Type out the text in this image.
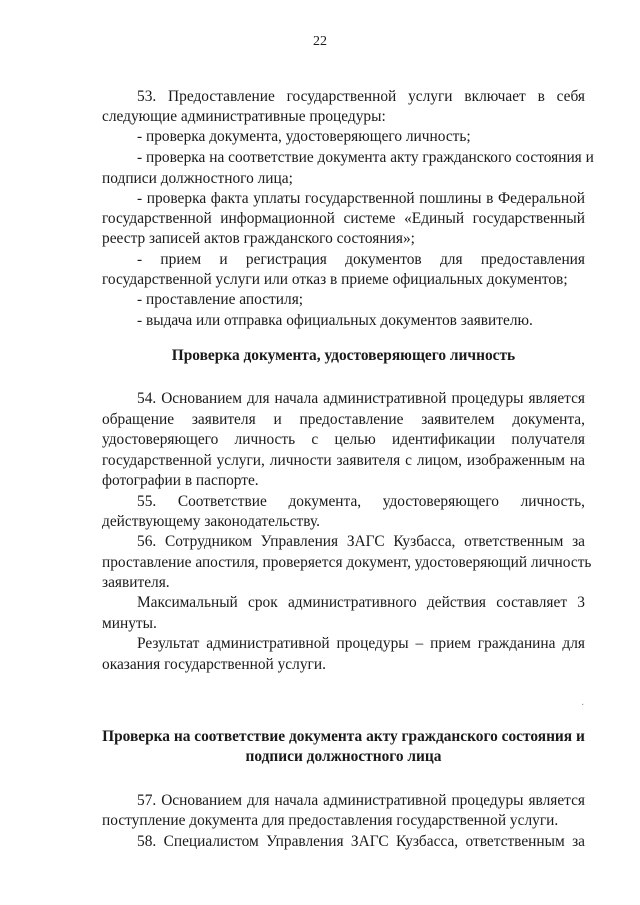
22
53. Предоставление государственной услуги включает в себя
следующие административные процедуры:
- проверка документа, удостоверяющего личность;
- проверка на соответствие документа акту гражданского состояния и
подписи должностного лица;
- проверка факта уплаты государственной пошлины в Федеральной
государственной информационной системе «Единый государственный
реестр записей актов гражданского состояния»;
- прием и регистрация документов для предоставления
государственной услуги или отказ в приеме официальных документов;
- проставление апостиля;
- выдача или отправка официальных документов заявителю.
Проверка документа, удостоверяющего личность
54. Основанием для начала административной процедуры является
обращение заявителя и предоставление заявителем документа,
удостоверяющего личность с целью идентификации получателя
государственной услуги, личности заявителя с лицом, изображенным на
фотографии в паспорте.
55. Соответствие документа, удостоверяющего личность,
действующему законодательству.
56. Сотрудником Управления ЗАГС Кузбасса, ответственным за
проставление апостиля, проверяется документ, удостоверяющий личность
заявителя.
Максимальный срок административного действия составляет 3
минуты.
Результат административной процедуры – прием гражданина для
оказания государственной услуги.
·
Проверка на соответствие документа акту гражданского состояния и
подписи должностного лица
57. Основанием для начала административной процедуры является
поступление документа для предоставления государственной услуги.
58. Специалистом Управления ЗАГС Кузбасса, ответственным за
